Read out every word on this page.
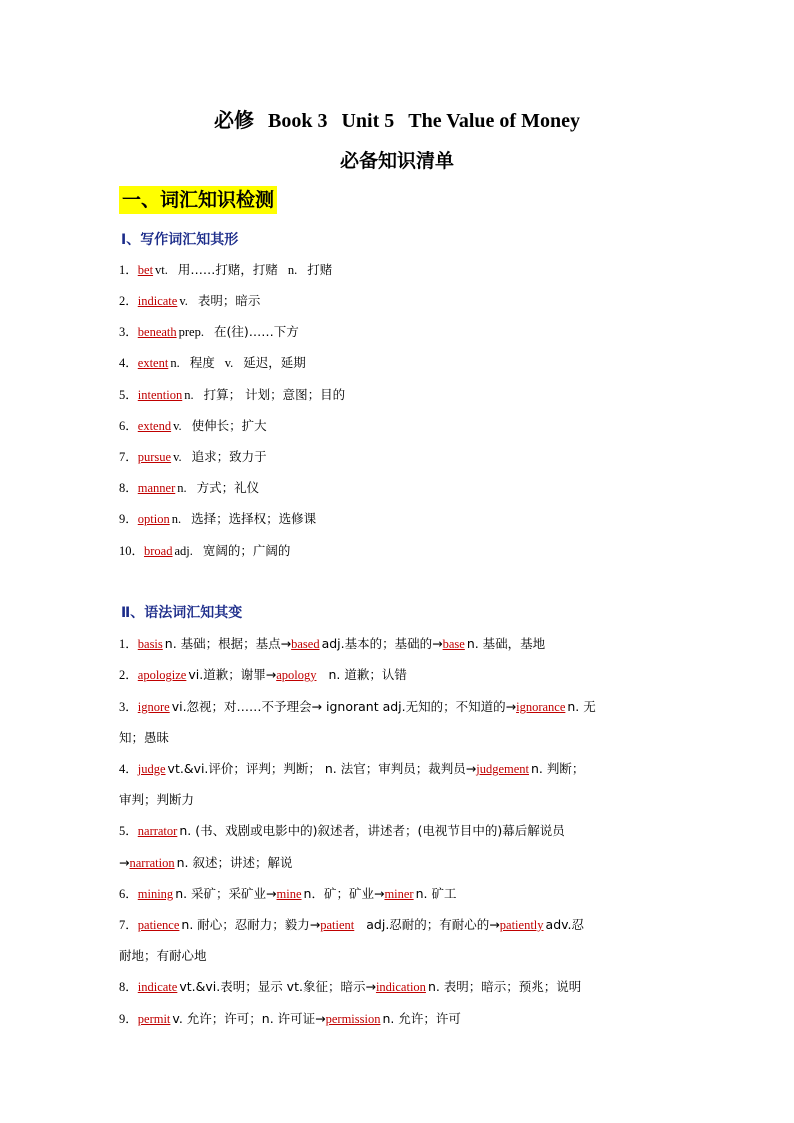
必修 Book 3 Unit 5 The Value of Money
必备知识清单
一、词汇知识检测
Ⅰ、写作词汇知其形
1．bet vt. 用……打赌，打赌 n. 打赌
2．indicate v. 表明；暗示
3．beneath prep. 在(往)……下方
4．extent n. 程度 v. 延迟，延期
5．intention n. 打算； 计划；意图；目的
6．extend v. 使伸长；扩大
7．pursue v. 追求；致力于
8．manner n. 方式；礼仪
9．option n. 选择；选择权；选修课
10．broad adj. 宽阔的；广阔的
Ⅱ、语法词汇知其变
1．basis n. 基础；根据；基点→based adj.基本的；基础的→base n. 基础，基地
2．apologize vi.道歉；谢罪→apology n. 道歉；认错
3．ignore vi.忽视；对……不予理会→ ignorant adj.无知的；不知道的→ignorance n. 无
知；愚昧
4．judge vt.&vi.评价；评判；判断； n. 法官；审判员；裁判员→judgement n. 判断；
审判；判断力
5．narrator n. (书、戏剧或电影中的)叙述者，讲述者；(电视节目中的)幕后解说员
→narration n. 叙述；讲述；解说
6．mining n. 采矿；采矿业→mine n．矿；矿业→miner n. 矿工
7．patience n. 耐心；忍耐力；毅力→patient adj.忍耐的；有耐心的→patiently adv.忍
耐地；有耐心地
8．indicate vt.&vi.表明；显示 vt.象征；暗示→indication n. 表明；暗示；预兆；说明
9．permit v. 允许；许可；n. 许可证→permission n. 允许；许可
